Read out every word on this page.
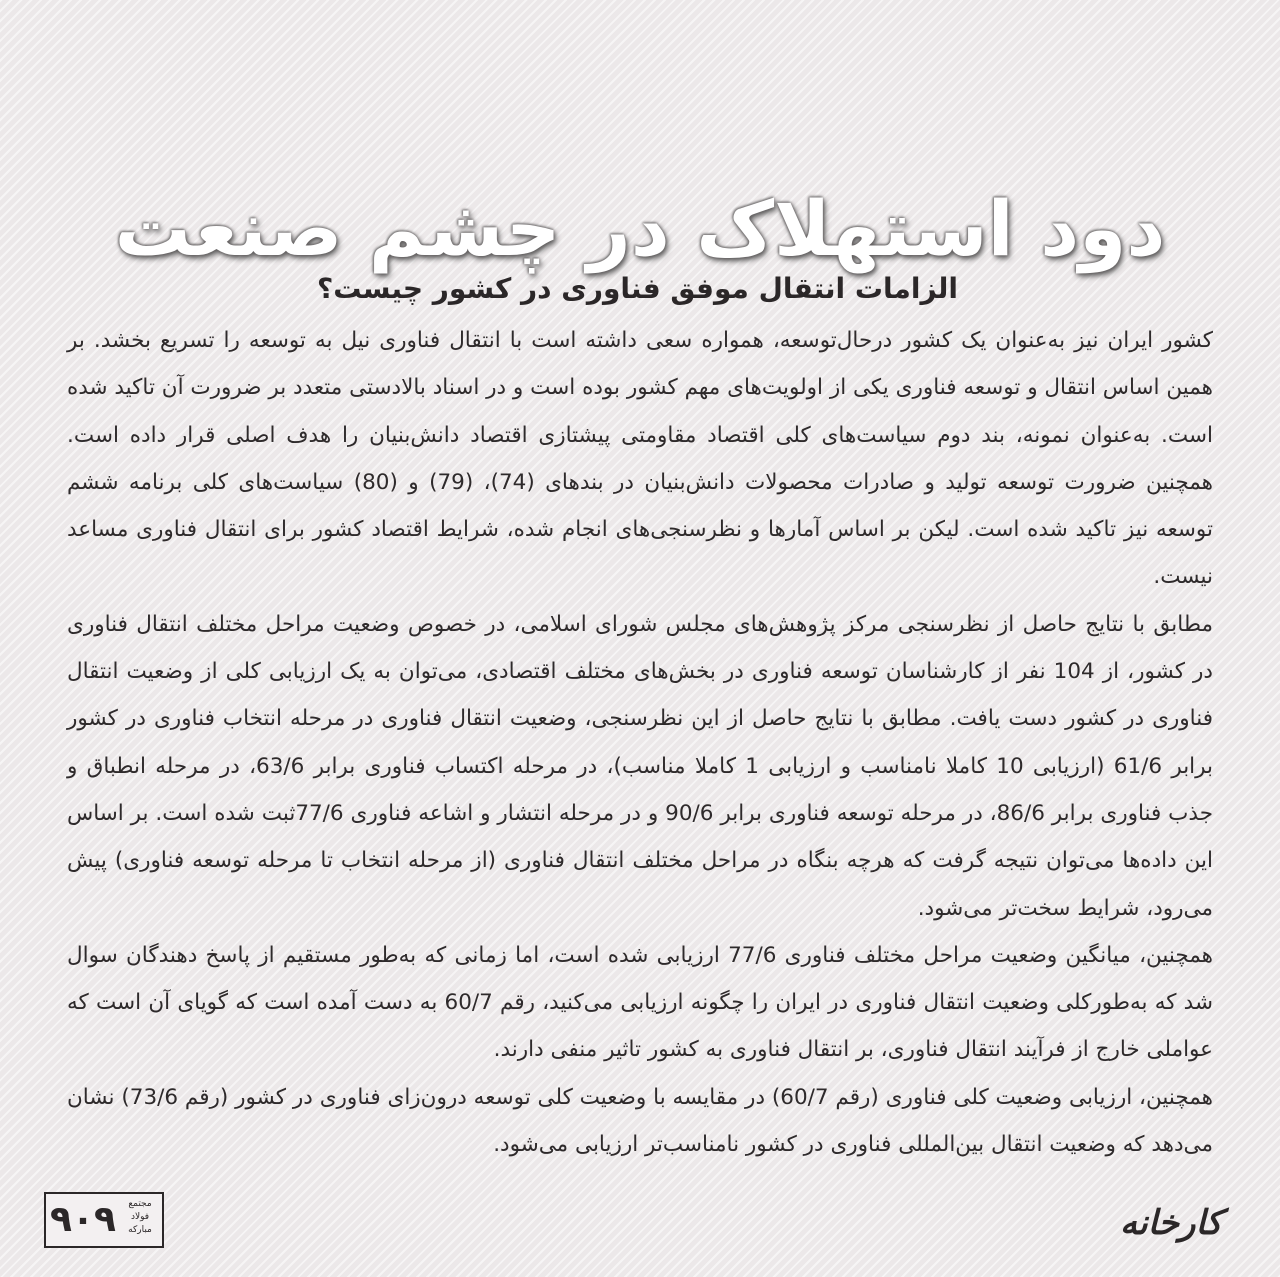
دود استهلاک در چشم صنعت
الزامات انتقال موفق فناوری در کشور چیست؟

کشور ایران نیز به‌عنوان یک کشور درحال‌توسعه، همواره سعی داشته است با انتقال فناوری نیل به توسعه را تسریع بخشد. بر همین اساس انتقال و توسعه فناوری یکی از اولویت‌های مهم کشور بوده است و در اسناد بالادستی متعدد بر ضرورت آن تاکید شده است. به‌عنوان نمونه، بند دوم سیاست‌های کلی اقتصاد مقاومتی پیشتازی اقتصاد دانش‌بنیان را هدف اصلی قرار داده است. همچنین ضرورت توسعه تولید و صادرات محصولات دانش‌بنیان در بندهای (74)، (79) و (80) سیاست‌های کلی برنامه ششم توسعه نیز تاکید شده است. لیکن بر اساس آمارها و نظرسنجی‌های انجام شده، شرایط اقتصاد کشور برای انتقال فناوری مساعد نیست.

مطابق با نتایج حاصل از نظرسنجی مرکز پژوهش‌های مجلس شورای اسلامی، در خصوص وضعیت مراحل مختلف انتقال فناوری در کشور، از 104 نفر از کارشناسان توسعه فناوری در بخش‌های مختلف اقتصادی، می‌توان به یک ارزیابی کلی از وضعیت انتقال فناوری در کشور دست یافت. مطابق با نتایج حاصل از این نظرسنجی، وضعیت انتقال فناوری در مرحله انتخاب فناوری در کشور برابر 61/6 (ارزیابی 10 کاملا نامناسب و ارزیابی 1 کاملا مناسب)، در مرحله اکتساب فناوری برابر 63/6، در مرحله انطباق و جذب فناوری برابر 86/6، در مرحله توسعه فناوری برابر 90/6 و در مرحله انتشار و اشاعه فناوری 77/6ثبت شده است. بر اساس این داده‌ها می‌توان نتیجه گرفت که هرچه بنگاه در مراحل مختلف انتقال فناوری (از مرحله انتخاب تا مرحله توسعه فناوری) پیش می‌رود، شرایط سخت‌تر می‌شود.

همچنین، میانگین وضعیت مراحل مختلف فناوری 77/6 ارزیابی شده است، اما زمانی که به‌طور مستقیم از پاسخ دهندگان سوال شد که به‌طورکلی وضعیت انتقال فناوری در ایران را چگونه ارزیابی می‌کنید، رقم 60/7 به دست آمده است که گویای آن است که عواملی خارج از فرآیند انتقال فناوری، بر انتقال فناوری به کشور تاثیر منفی دارند.

همچنین، ارزیابی وضعیت کلی فناوری (رقم 60/7) در مقایسه با وضعیت کلی توسعه درون‌زای فناوری در کشور (رقم 73/6) نشان می‌دهد که وضعیت انتقال بین‌المللی فناوری در کشور نامناسب‌تر ارزیابی می‌شود.

۹۰۹	مجتمع فولاد مبارکه	کارخانه
